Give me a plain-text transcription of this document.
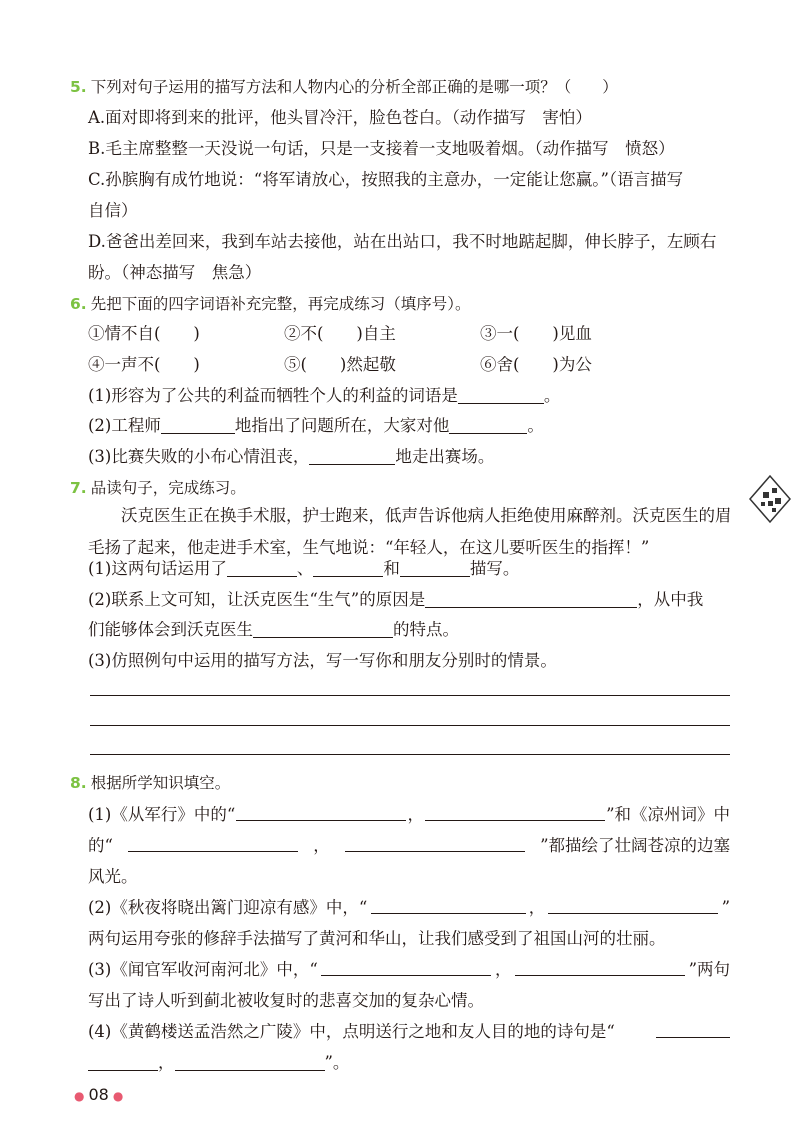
5. 下列对句子运用的描写方法和人物内心的分析全部正确的是哪一项？（　　）
A.面对即将到来的批评，他头冒冷汗，脸色苍白。（动作描写　害怕）
B.毛主席整整一天没说一句话，只是一支接着一支地吸着烟。（动作描写　愤怒）
C.孙膑胸有成竹地说：“将军请放心，按照我的主意办，一定能让您赢。”（语言描写
自信）
D.爸爸出差回来，我到车站去接他，站在出站口，我不时地踮起脚，伸长脖子，左顾右
盼。（神态描写　焦急）
6. 先把下面的四字词语补充完整，再完成练习（填序号）。
①情不自(　　)	②不(　　)自主	③一(　　)见血
④一声不(　　)	⑤(　　)然起敬	⑥舍(　　)为公
(1)形容为了公共的利益而牺牲个人的利益的词语是	。
(2)工程师	地指出了问题所在，大家对他	。
(3)比赛失败的小布心情沮丧，	地走出赛场。
7. 品读句子，完成练习。
沃克医生正在换手术服，护士跑来，低声告诉他病人拒绝使用麻醉剂。沃克医生的眉毛扬了起来，他走进手术室，生气地说：“年轻人，在这儿要听医生的指挥！”
(1)这两句话运用了	、	和	描写。
(2)联系上文可知，让沃克医生“生气”的原因是	，从中我
们能够体会到沃克医生	的特点。
(3)仿照例句中运用的描写方法，写一写你和朋友分别时的情景。
8. 根据所学知识填空。
(1)《从军行》中的“	，	”和《凉州词》中
的“	，	”都描绘了壮阔苍凉的边塞
风光。
(2)《秋夜将晓出篱门迎凉有感》中，“	，	”
两句运用夸张的修辞手法描写了黄河和华山，让我们感受到了祖国山河的壮丽。
(3)《闻官军收河南河北》中，“	，	”两句
写出了诗人听到蓟北被收复时的悲喜交加的复杂心情。
(4)《黄鹤楼送孟浩然之广陵》中，点明送行之地和友人目的地的诗句是“
，	”。
● 08 ●
